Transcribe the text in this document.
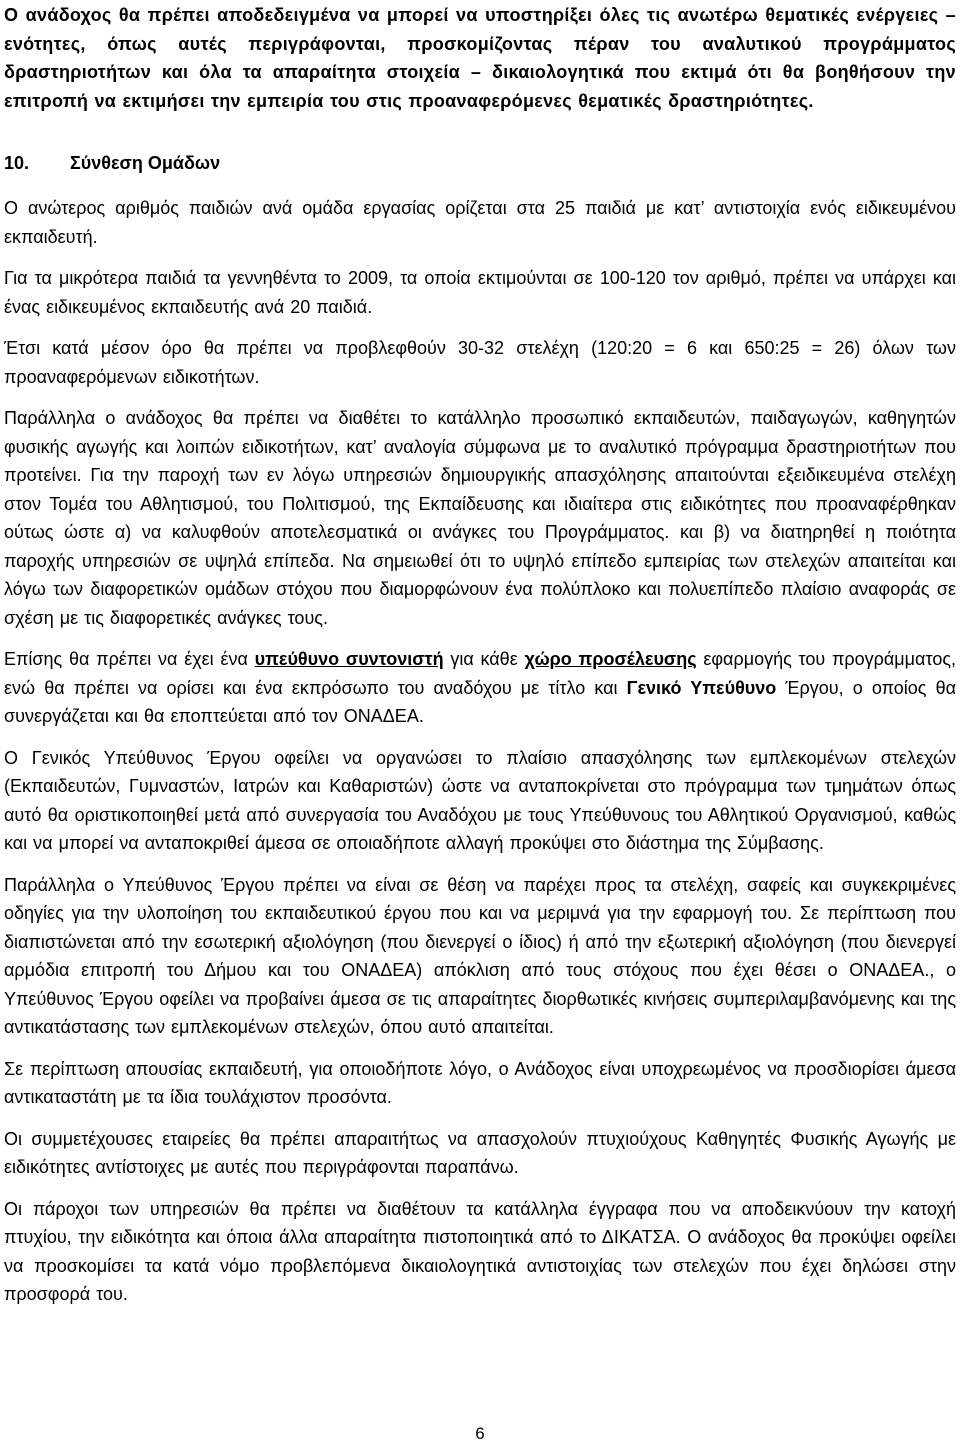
Ο ανάδοχος θα πρέπει αποδεδειγμένα να μπορεί να υποστηρίξει όλες τις ανωτέρω θεματικές ενέργειες – ενότητες, όπως αυτές περιγράφονται, προσκομίζοντας πέραν του αναλυτικού προγράμματος δραστηριοτήτων και όλα τα απαραίτητα στοιχεία – δικαιολογητικά που εκτιμά ότι θα βοηθήσουν την επιτροπή να εκτιμήσει την εμπειρία του στις προαναφερόμενες θεματικές δραστηριότητες.

10. Σύνθεση Ομάδων

Ο ανώτερος αριθμός παιδιών ανά ομάδα εργασίας ορίζεται στα 25 παιδιά με κατ’ αντιστοιχία ενός ειδικευμένου εκπαιδευτή.

Για τα μικρότερα παιδιά τα γεννηθέντα το 2009, τα οποία εκτιμούνται σε 100-120 τον αριθμό, πρέπει να υπάρχει και ένας ειδικευμένος εκπαιδευτής ανά 20 παιδιά.

Έτσι κατά μέσον όρο θα πρέπει να προβλεφθούν 30-32 στελέχη (120:20 = 6 και 650:25 = 26) όλων των προαναφερόμενων ειδικοτήτων.

Παράλληλα ο ανάδοχος θα πρέπει να διαθέτει το κατάλληλο προσωπικό εκπαιδευτών, παιδαγωγών, καθηγητών φυσικής αγωγής και λοιπών ειδικοτήτων, κατ’ αναλογία σύμφωνα με το αναλυτικό πρόγραμμα δραστηριοτήτων που προτείνει. Για την παροχή των εν λόγω υπηρεσιών δημιουργικής απασχόλησης απαιτούνται εξειδικευμένα στελέχη στον Τομέα του Αθλητισμού, του Πολιτισμού, της Εκπαίδευσης και ιδιαίτερα στις ειδικότητες που προαναφέρθηκαν ούτως ώστε α) να καλυφθούν αποτελεσματικά οι ανάγκες του Προγράμματος. και β) να διατηρηθεί η ποιότητα παροχής υπηρεσιών σε υψηλά επίπεδα. Να σημειωθεί ότι το υψηλό επίπεδο εμπειρίας των στελεχών απαιτείται και λόγω των διαφορετικών ομάδων στόχου που διαμορφώνουν ένα πολύπλοκο και πολυεπίπεδο πλαίσιο αναφοράς σε σχέση με τις διαφορετικές ανάγκες τους.

Επίσης θα πρέπει να έχει ένα υπεύθυνο συντονιστή για κάθε χώρο προσέλευσης εφαρμογής του προγράμματος, ενώ θα πρέπει να ορίσει και ένα εκπρόσωπο του αναδόχου με τίτλο και Γενικό Υπεύθυνο Έργου, ο οποίος θα συνεργάζεται και θα εποπτεύεται από τον ΟΝΑΔΕΑ.

Ο Γενικός Υπεύθυνος Έργου οφείλει να οργανώσει το πλαίσιο απασχόλησης των εμπλεκομένων στελεχών (Εκπαιδευτών, Γυμναστών, Ιατρών και Καθαριστών) ώστε να ανταποκρίνεται στο πρόγραμμα των τμημάτων όπως αυτό θα οριστικοποιηθεί μετά από συνεργασία του Αναδόχου με τους Υπεύθυνους του Αθλητικού Οργανισμού, καθώς και να μπορεί να ανταποκριθεί άμεσα σε οποιαδήποτε αλλαγή προκύψει στο διάστημα της Σύμβασης.

Παράλληλα ο Υπεύθυνος Έργου πρέπει να είναι σε θέση να παρέχει προς τα στελέχη, σαφείς και συγκεκριμένες οδηγίες για την υλοποίηση του εκπαιδευτικού έργου που και να μεριμνά για την εφαρμογή του. Σε περίπτωση που διαπιστώνεται από την εσωτερική αξιολόγηση (που διενεργεί ο ίδιος) ή από την εξωτερική αξιολόγηση (που διενεργεί αρμόδια επιτροπή του Δήμου και του ΟΝΑΔΕΑ) απόκλιση από τους στόχους που έχει θέσει ο ΟΝΑΔΕΑ., ο Υπεύθυνος Έργου οφείλει να προβαίνει άμεσα σε τις απαραίτητες διορθωτικές κινήσεις συμπεριλαμβανόμενης και της αντικατάστασης των εμπλεκομένων στελεχών, όπου αυτό απαιτείται.

Σε περίπτωση απουσίας εκπαιδευτή, για οποιοδήποτε λόγο, ο Ανάδοχος είναι υποχρεωμένος να προσδιορίσει άμεσα αντικαταστάτη με τα ίδια τουλάχιστον προσόντα.

Οι συμμετέχουσες εταιρείες θα πρέπει απαραιτήτως να απασχολούν πτυχιούχους Καθηγητές Φυσικής Αγωγής με ειδικότητες αντίστοιχες με αυτές που περιγράφονται παραπάνω.

Οι πάροχοι των υπηρεσιών θα πρέπει να διαθέτουν τα κατάλληλα έγγραφα που να αποδεικνύουν την κατοχή πτυχίου, την ειδικότητα και όποια άλλα απαραίτητα πιστοποιητικά από το ΔΙΚΑΤΣΑ. Ο ανάδοχος θα προκύψει οφείλει να προσκομίσει τα κατά νόμο προβλεπόμενα δικαιολογητικά αντιστοιχίας των στελεχών που έχει δηλώσει στην προσφορά του.

6
